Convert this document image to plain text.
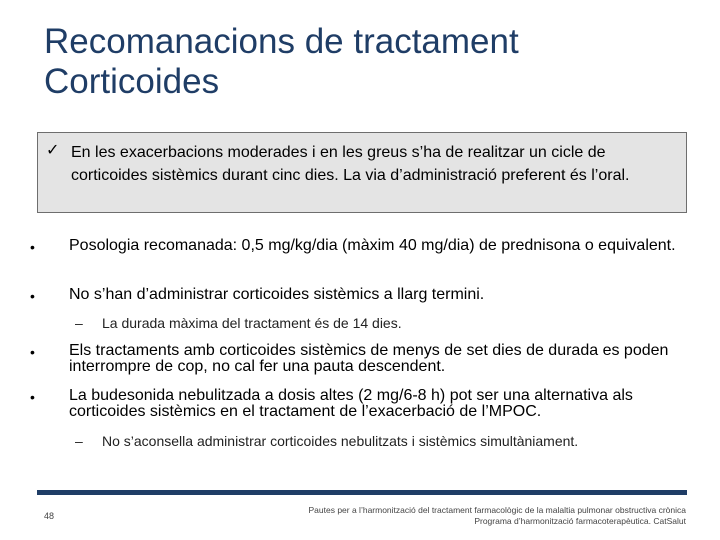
Recomanacions de tractament
Corticoides
✓ En les exacerbacions moderades i en les greus s’ha de realitzar un cicle de corticoides sistèmics durant cinc dies. La via d’administració preferent és l’oral.
•	Posologia recomanada: 0,5 mg/kg/dia (màxim 40 mg/dia) de prednisona o equivalent.
•	No s’han d’administrar corticoides sistèmics a llarg termini.
– La durada màxima del tractament és de 14 dies.
•	Els tractaments amb corticoides sistèmics de menys de set dies de durada es poden interrompre de cop, no cal fer una pauta descendent.
•	La budesonida nebulitzada a dosis altes (2 mg/6-8 h) pot ser una alternativa als corticoides sistèmics en el tractament de l’exacerbació de l’MPOC.
– No s’aconsella administrar corticoides nebulitzats i sistèmics simultàniament.
48
Pautes per a l’harmonització del tractament farmacològic de la malaltia pulmonar obstructiva crònica
Programa d’harmonització farmacoterapèutica. CatSalut
